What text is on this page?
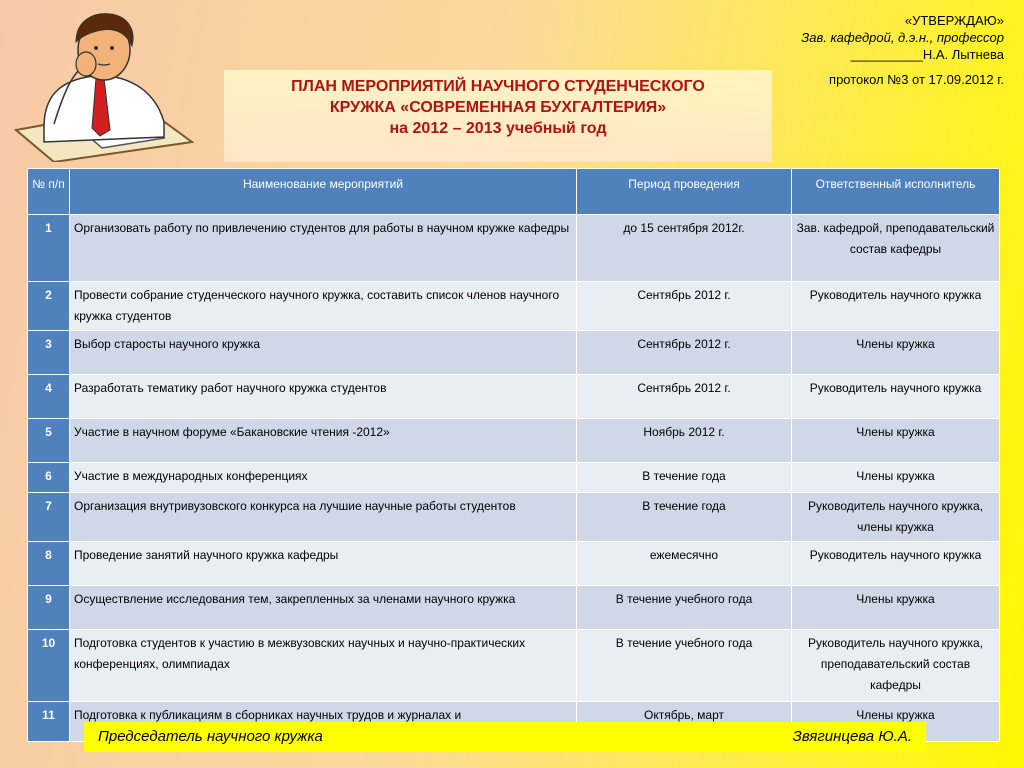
«УТВЕРЖДАЮ»
Зав. кафедрой, д.э.н., профессор
__________Н.А. Лытнева

протокол №3 от 17.09.2012 г.
ПЛАН МЕРОПРИЯТИЙ НАУЧНОГО СТУДЕНЧЕСКОГО
КРУЖКА «СОВРЕМЕННАЯ БУХГАЛТЕРИЯ»
на 2012 – 2013 учебный год
№ п/п	Наименование мероприятий	Период проведения	Ответственный исполнитель
1	Организовать работу по привлечению студентов для работы в научном кружке кафедры	до 15 сентября 2012г.	Зав. кафедрой, преподавательский состав кафедры
2	Провести собрание студенческого научного кружка, составить список членов научного кружка студентов	Сентябрь 2012 г.	Руководитель научного кружка
3	Выбор старосты научного кружка	Сентябрь 2012 г.	Члены кружка
4	Разработать тематику работ научного кружка студентов	Сентябрь 2012 г.	Руководитель научного кружка
5	Участие в научном форуме «Бакановские чтения -2012»	Ноябрь 2012 г.	Члены кружка
6	Участие в международных конференциях	В течение года	Члены кружка
7	Организация внутривузовского конкурса на лучшие научные работы студентов	В течение года	Руководитель научного кружка, члены кружка
8	Проведение занятий научного кружка кафедры	ежемесячно	Руководитель научного кружка
9	Осуществление исследования тем, закрепленных за членами научного кружка	В течение учебного года	Члены кружка
10	Подготовка студентов к участию в межвузовских научных и научно-практических конференциях, олимпиадах	В течение учебного года	Руководитель научного кружка, преподавательский состав кафедры
11	Подготовка к публикациям в сборниках научных трудов и журналах и	Октябрь, март	Члены кружка
Председатель научного кружка	Звягинцева Ю.А.
